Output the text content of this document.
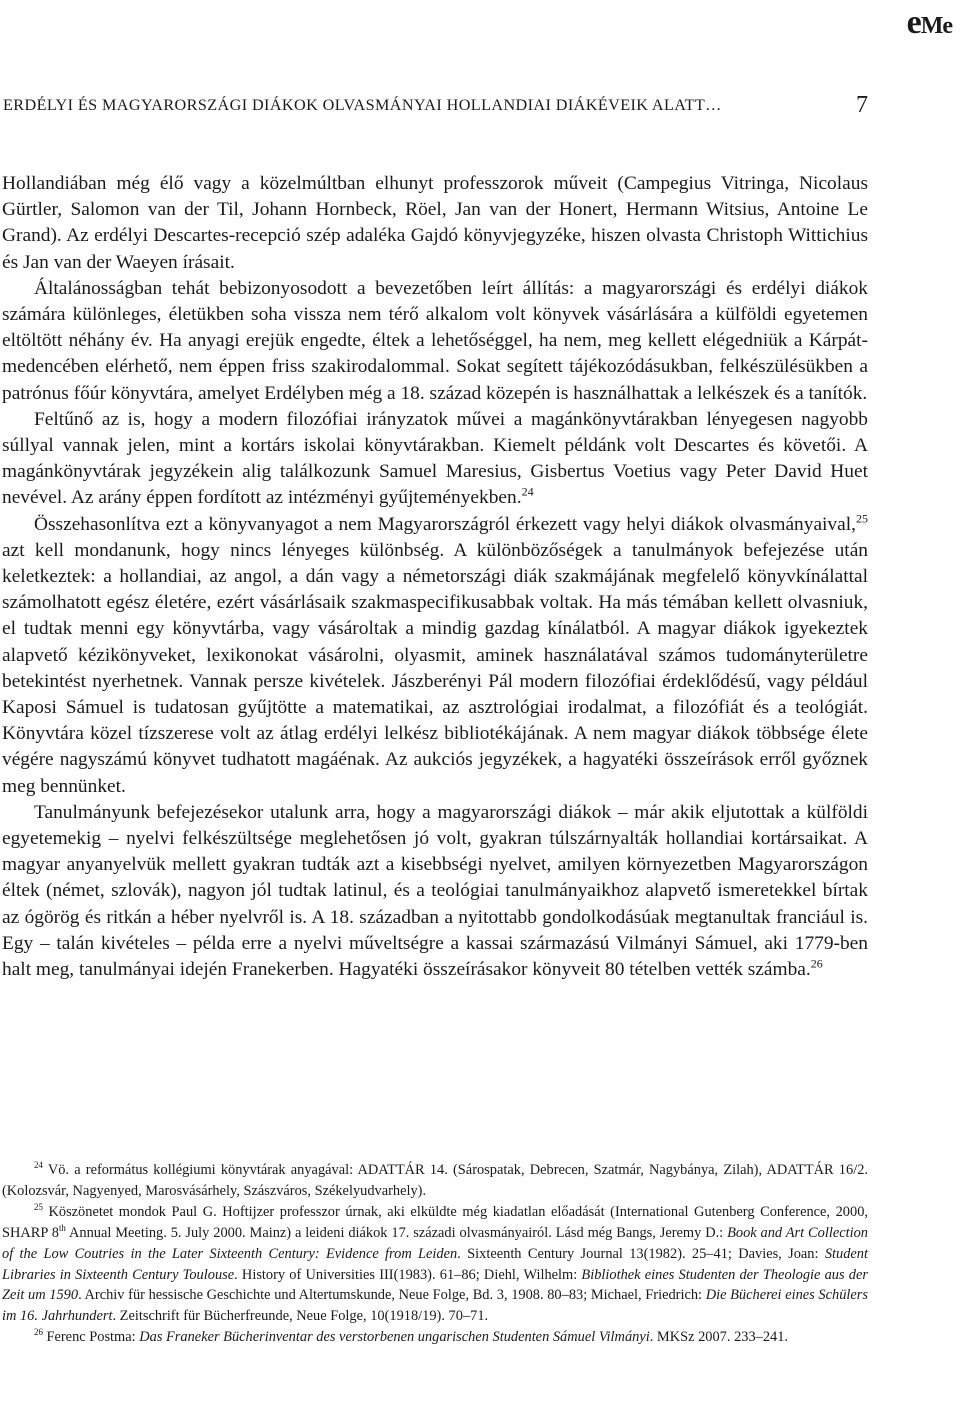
eMe
ERDÉLYI ÉS MAGYARORSZÁGI DIÁKOK OLVASMÁNYAI HOLLANDIAI DIÁKÉVEIK ALATT…	7

Hollandiában még élő vagy a közelmúltban elhunyt professzorok műveit (Campegius Vitringa, Nicolaus Gürtler, Salomon van der Til, Johann Hornbeck, Röel, Jan van der Honert, Hermann Witsius, Antoine Le Grand). Az erdélyi Descartes-recepció szép adaléka Gajdó könyvjegyzéke, hiszen olvasta Christoph Wittichius és Jan van der Waeyen írásait.

Általánosságban tehát bebizonyosodott a bevezetőben leírt állítás: a magyarországi és erdélyi diákok számára különleges, életükben soha vissza nem térő alkalom volt könyvek vásárlására a külföldi egyetemen eltöltött néhány év. Ha anyagi erejük engedte, éltek a lehetőséggel, ha nem, meg kellett elégedniük a Kárpát-medencében elérhető, nem éppen friss szakirodalommal. Sokat segített tájékozódásukban, felkészülésükben a patrónus főúr könyvtára, amelyet Erdélyben még a 18. század közepén is használhattak a lelkészek és a tanítók.

Feltűnő az is, hogy a modern filozófiai irányzatok művei a magánkönyvtárakban lényegesen nagyobb súllyal vannak jelen, mint a kortárs iskolai könyvtárakban. Kiemelt példánk volt Descartes és követői. A magánkönyvtárak jegyzékein alig találkozunk Samuel Maresius, Gisbertus Voetius vagy Peter David Huet nevével. Az arány éppen fordított az intézményi gyűjteményekben.$^{24}$

Összehasonlítva ezt a könyvanyagot a nem Magyarországról érkezett vagy helyi diákok olvasmányaival,$^{25}$ azt kell mondanunk, hogy nincs lényeges különbség. A különbözőségek a tanulmányok befejezése után keletkeztek: a hollandiai, az angol, a dán vagy a németországi diák szakmájának megfelelő könyvkínálattal számolhatott egész életére, ezért vásárlásaik szakmaspecifikusabbak voltak. Ha más témában kellett olvasniuk, el tudtak menni egy könyvtárba, vagy vásároltak a mindig gazdag kínálatból. A magyar diákok igyekeztek alapvető kézikönyveket, lexikonokat vásárolni, olyasmit, aminek használatával számos tudományterületre betekintést nyerhetnek. Vannak persze kivételek. Jászberényi Pál modern filozófiai érdeklődésű, vagy például Kaposi Sámuel is tudatosan gyűjtötte a matematikai, az asztrológiai irodalmat, a filozófiát és a teológiát. Könyvtára közel tízszerese volt az átlag erdélyi lelkész bibliotékájának. A nem magyar diákok többsége élete végére nagyszámú könyvet tudhatott magáénak. Az aukciós jegyzékek, a hagyatéki összeírások erről győznek meg bennünket.

Tanulmányunk befejezésekor utalunk arra, hogy a magyarországi diákok – már akik eljutottak a külföldi egyetemekig – nyelvi felkészültsége meglehetősen jó volt, gyakran túlszárnyalták hollandiai kortársaikat. A magyar anyanyelvük mellett gyakran tudták azt a kisebbségi nyelvet, amilyen környezetben Magyarországon éltek (német, szlovák), nagyon jól tudtak latinul, és a teológiai tanulmányaikhoz alapvető ismeretekkel bírtak az ógörög és ritkán a héber nyelvről is. A 18. században a nyitottabb gondolkodásúak megtanultak franciául is. Egy – talán kivételes – példa erre a nyelvi műveltségre a kassai származású Vilmányi Sámuel, aki 1779-ben halt meg, tanulmányai idején Franekerben. Hagyatéki összeírásakor könyveit 80 tételben vették számba.$^{26}$

$^{24}$ Vö. a református kollégiumi könyvtárak anyagával: ADATTÁR 14. (Sárospatak, Debrecen, Szatmár, Nagybánya, Zilah), ADATTÁR 16/2. (Kolozsvár, Nagyenyed, Marosvásárhely, Szászváros, Székelyudvarhely).

$^{25}$ Köszönetet mondok Paul G. Hoftijzer professzor úrnak, aki elküldte még kiadatlan előadását (International Gutenberg Conference, 2000, SHARP 8th Annual Meeting. 5. July 2000. Mainz) a leideni diákok 17. századi olvasmányairól. Lásd még Bangs, Jeremy D.: Book and Art Collection of the Low Coutries in the Later Sixteenth Century: Evidence from Leiden. Sixteenth Century Journal 13(1982). 25–41; Davies, Joan: Student Libraries in Sixteenth Century Toulouse. History of Universities III(1983). 61–86; Diehl, Wilhelm: Bibliothek eines Studenten der Theologie aus der Zeit um 1590. Archiv für hessische Geschichte und Altertumskunde, Neue Folge, Bd. 3, 1908. 80–83; Michael, Friedrich: Die Bücherei eines Schülers im 16. Jahrhundert. Zeitschrift für Bücherfreunde, Neue Folge, 10(1918/19). 70–71.

$^{26}$ Ferenc Postma: Das Franeker Bücherinventar des verstorbenen ungarischen Studenten Sámuel Vilmányi. MKSz 2007. 233–241.
